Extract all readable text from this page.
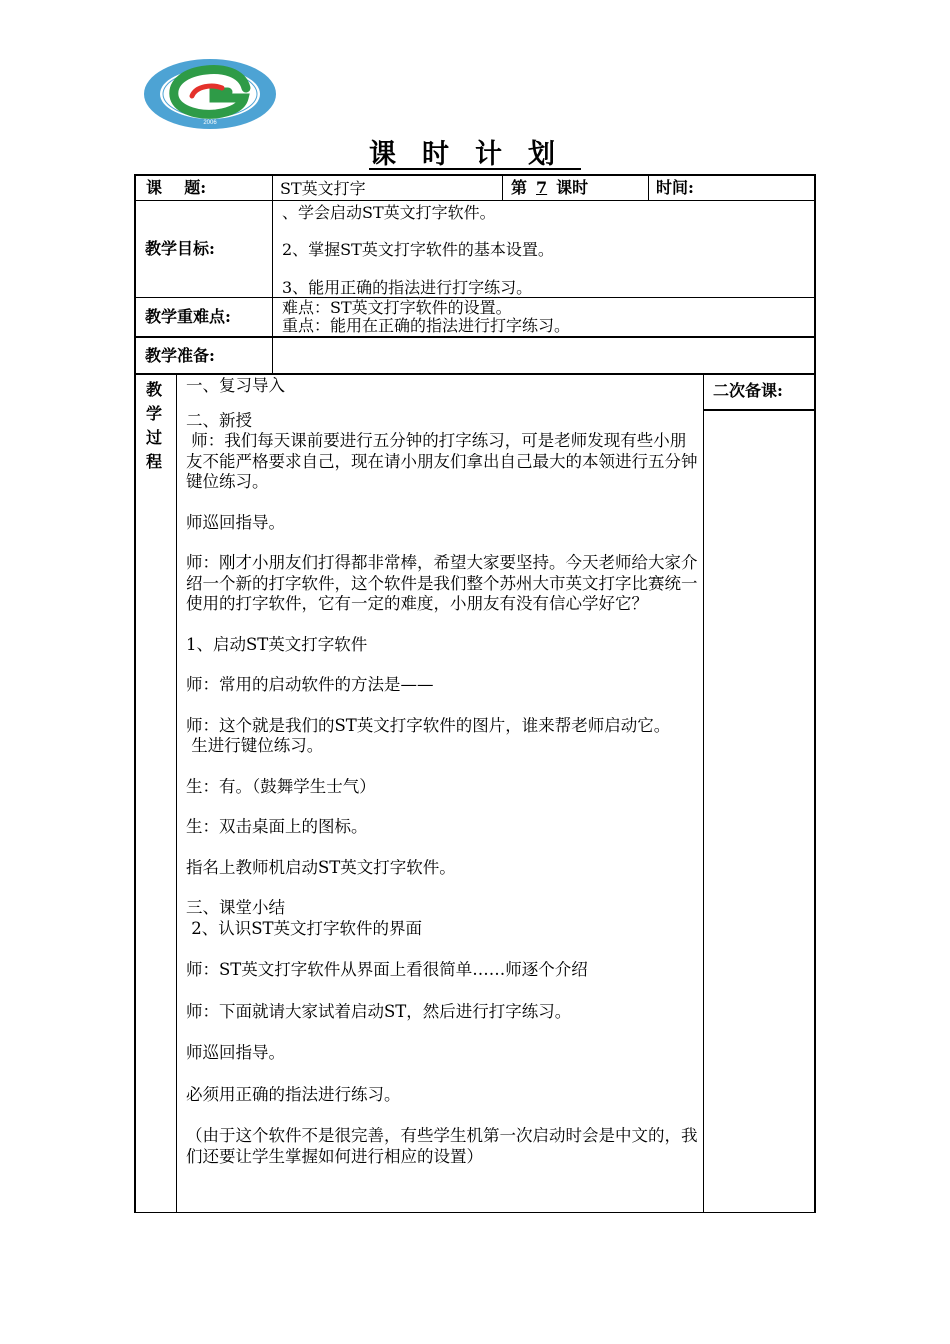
2006
课时计划
课    题:	ST英文打字	第 7 课时	时间:
教学目标:
、学会启动ST英文打字软件。
2、掌握ST英文打字软件的基本设置。
3、能用正确的指法进行打字练习。
教学重难点:	难点：ST英文打字软件的设置。
重点：能用在正确的指法进行打字练习。
教学准备:
教
学
过
程
二次备课:

一、复习导入

二、新授

师：我们每天课前要进行五分钟的打字练习，可是老师发现有些小朋友不能严格要求自己，现在请小朋友们拿出自己最大的本领进行五分钟键位练习。

师巡回指导。

师：刚才小朋友们打得都非常棒，希望大家要坚持。今天老师给大家介绍一个新的打字软件，这个软件是我们整个苏州大市英文打字比赛统一使用的打字软件，它有一定的难度，小朋友有没有信心学好它？

1、启动ST英文打字软件

师：常用的启动软件的方法是——

师：这个就是我们的ST英文打字软件的图片，谁来帮老师启动它。

生进行键位练习。

生：有。（鼓舞学生士气）

生：双击桌面上的图标。

指名上教师机启动ST英文打字软件。

三、课堂小结

2、认识ST英文打字软件的界面

师：ST英文打字软件从界面上看很简单……师逐个介绍

师：下面就请大家试着启动ST，然后进行打字练习。

师巡回指导。

必须用正确的指法进行练习。

（由于这个软件不是很完善，有些学生机第一次启动时会是中文的，我们还要让学生掌握如何进行相应的设置）
